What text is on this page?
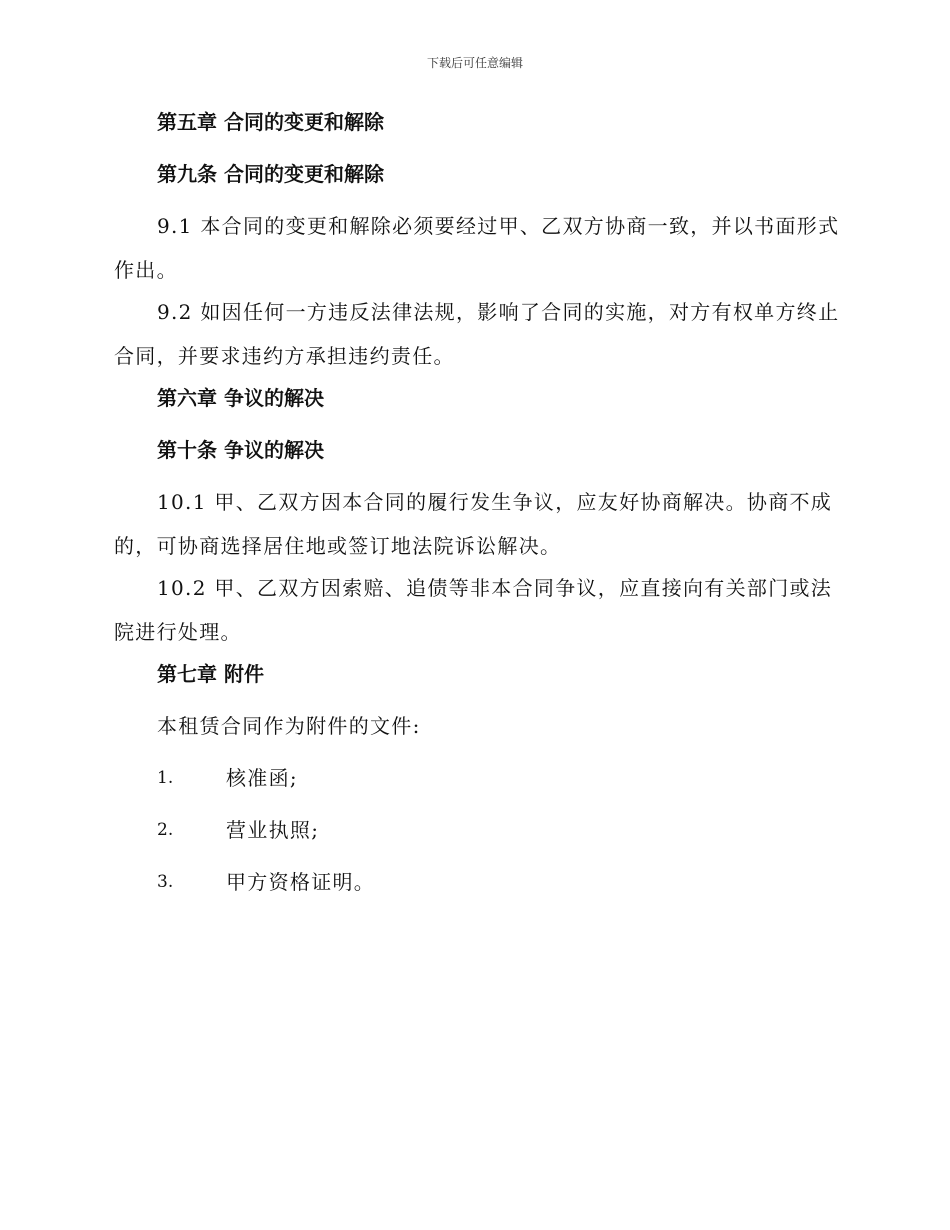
下载后可任意编辑
第五章 合同的变更和解除
第九条 合同的变更和解除
9.1 本合同的变更和解除必须要经过甲、乙双方协商一致，并以书面形式作出。
9.2 如因任何一方违反法律法规，影响了合同的实施，对方有权单方终止合同，并要求违约方承担违约责任。
第六章 争议的解决
第十条 争议的解决
10.1 甲、乙双方因本合同的履行发生争议，应友好协商解决。协商不成的，可协商选择居住地或签订地法院诉讼解决。
10.2 甲、乙双方因索赔、追债等非本合同争议，应直接向有关部门或法院进行处理。
第七章 附件
本租赁合同作为附件的文件:
1.	核准函;
2.	营业执照;
3.	甲方资格证明。
